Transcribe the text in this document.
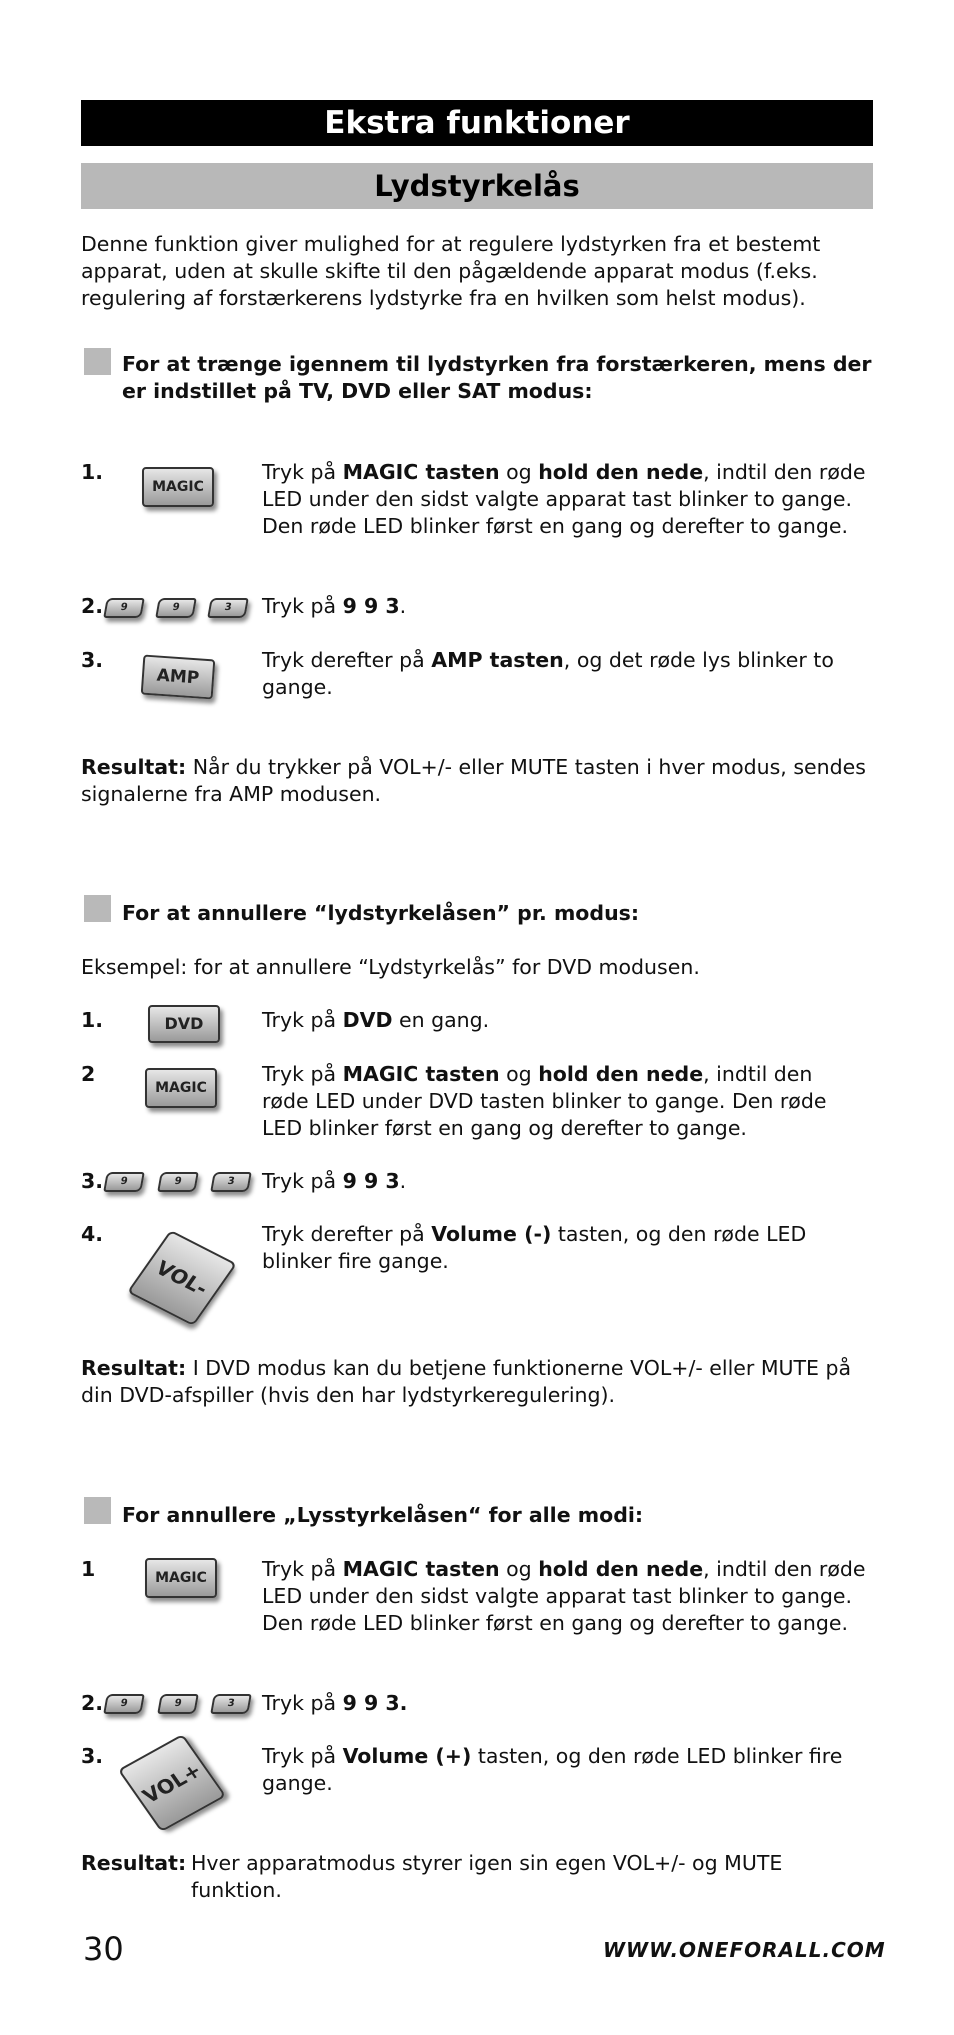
Ekstra funktioner
Lydstyrkelås
Denne funktion giver mulighed for at regulere lydstyrken fra et bestemt apparat, uden at skulle skifte til den pågældende apparat modus (f.eks. regulering af forstærkerens lydstyrke fra en hvilken som helst modus).
For at trænge igennem til lydstyrken fra forstærkeren, mens der
er indstillet på TV, DVD eller SAT modus:
1.
MAGIC
Tryk på MAGIC tasten og hold den nede, indtil den røde LED under den sidst valgte apparat tast blinker to gange. Den røde LED blinker først en gang og derefter to gange.
2.	9	9	3	Tryk på 9 9 3.
3.
AMP
Tryk derefter på AMP tasten, og det røde lys blinker to gange.
Resultat: Når du trykker på VOL+/- eller MUTE tasten i hver modus, sendes signalerne fra AMP modusen.
For at annullere “lydstyrkelåsen” pr. modus:
Eksempel: for at annullere “Lydstyrkelås” for DVD modusen.
1.	DVD	Tryk på DVD en gang.
2
MAGIC
Tryk på MAGIC tasten og hold den nede, indtil den røde LED under DVD tasten blinker to gange. Den røde LED blinker først en gang og derefter to gange.
3.	9	9	3	Tryk på 9 9 3.
4.
VOL-
Tryk derefter på Volume (-) tasten, og den røde LED blinker fire gange.
Resultat: I DVD modus kan du betjene funktionerne VOL+/- eller MUTE på din DVD-afspiller (hvis den har lydstyrkeregulering).
For annullere „Lysstyrkelåsen“ for alle modi:
1	MAGIC	Tryk på MAGIC tasten og hold den nede, indtil den røde LED under den sidst valgte apparat tast blinker to gange. Den røde LED blinker først en gang og derefter to gange.
2.	9	9	3	Tryk på 9 9 3.
3.
VOL+
Tryk på Volume (+) tasten, og den røde LED blinker fire gange.
Resultat: Hver apparatmodus styrer igen sin egen VOL+/- og MUTE funktion.
30	WWW.ONEFORALL.COM
